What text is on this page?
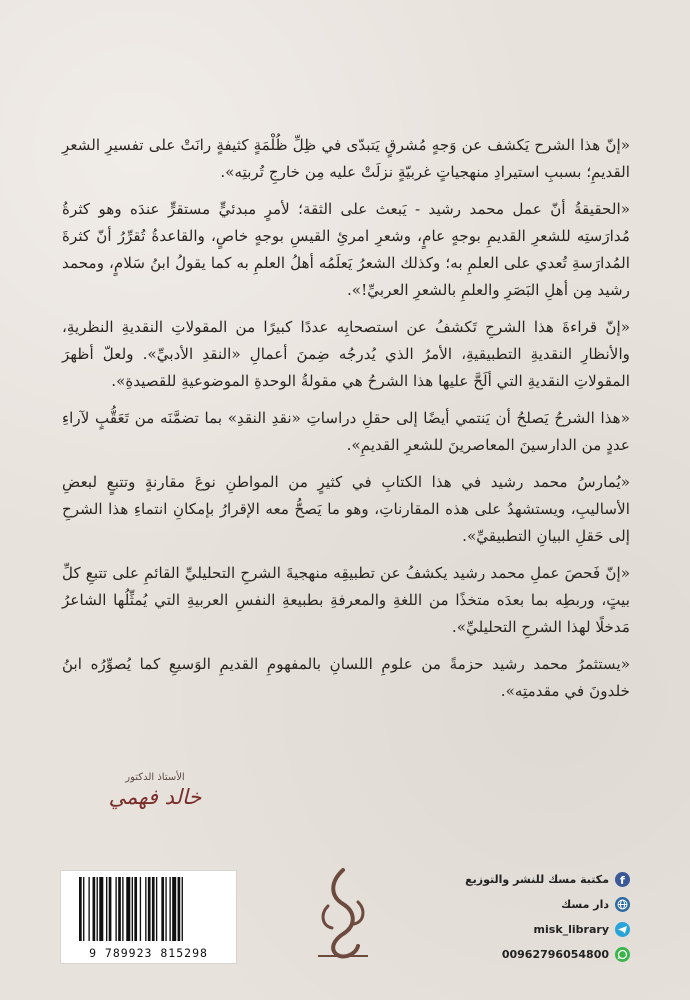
«إنّ هذا الشرح يَكشف عن وَجهٍ مُشرقٍ يَتبدّى في ظِلِّ ظُلْمَةٍ كثيفةٍ رانَتْ على تفسيرِ الشعرِ القديمِ؛ بسببِ استيرادِ منهجياتٍ غربيّةٍ نزلَتْ عليه مِن خارجِ تُربتِه».

«الحقيقةُ أنّ عمل محمد رشيد - يَبعث على الثقة؛ لأمرٍ مبدئيٍّ مستقرٍّ عندَه وهو كثرةُ مُدارَستِه للشعرِ القديمِ بوجهٍ عامٍ، وشعرِ امرئِ القيسِ بوجهٍ خاصٍ، والقاعدةُ تُقرِّرُ أنّ كثرةَ المُدارَسةِ تُعدي على العلمِ به؛ وكذلك الشعرُ يَعلَمُه أهلُ العلمِ به كما يقولُ ابنُ سَلامٍ، ومحمد رشيد مِن أهلِ البَصَرِ والعلمِ بالشعرِ العربيِّ!».

«إنّ قراءةَ هذا الشرحِ تَكشفُ عن استصحابِه عددًا كبيرًا من المقولاتِ النقديةِ النظريةِ، والأنظارِ النقديةِ التطبيقيةِ، الأمرُ الذي يُدرجُه ضِمنَ أعمالِ «النقدِ الأدبيِّ». ولعلّ أظهرَ المقولاتِ النقديةِ التي ألَحَّ عليها هذا الشرحُ هي مقولةُ الوحدةِ الموضوعيةِ للقصيدةِ».

«هذا الشرحُ يَصلحُ أن يَنتمي أيضًا إلى حقلِ دراساتِ «نقدِ النقدِ» بما تضمَّنَه من تَعَقُّبٍ لآراءِ عددٍ من الدارسينَ المعاصرينَ للشعرِ القديمِ».

«يُمارسُ محمد رشيد في هذا الكتابِ في كثيرٍ من المواطنِ نوعَ مقارنةٍ وتتبعٍ لبعضِ الأساليبِ، ويستشهدُ على هذه المقارناتِ، وهو ما يَصحُّ معه الإقرارُ بإمكانِ انتماءِ هذا الشرحِ إلى حَقلِ البيانِ التطبيقيِّ».

«إنّ فَحصَ عملِ محمد رشيد يكشفُ عن تطبيقِه منهجيةَ الشرحِ التحليليِّ القائمِ على تتبعِ كلِّ بيتٍ، وربطِه بما بعدَه متخذًا من اللغةِ والمعرفةِ بطبيعةِ النفسِ العربيةِ التي يُمثِّلُها الشاعرُ مَدخلًا لهذا الشرحِ التحليليِّ».

«يستثمرُ محمد رشيد حزمةً من علومِ اللسانِ بالمفهومِ القديمِ الوَسيعِ كما يُصوِّرُه ابنُ خلدونَ في مقدمتِه».

الأستاذ الدكتور
خالد فهمي
9 789923 815298
مكتبة مسك للنشر والتوزيع f
دار مسك
misk_library
00962796054800
